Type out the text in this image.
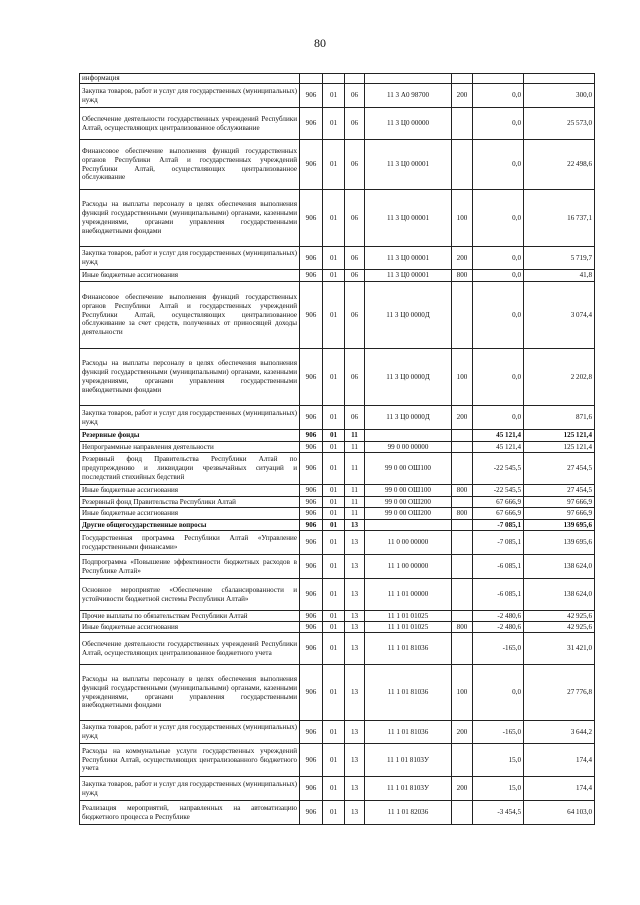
80
информация							
Закупка товаров, работ и услуг для государственных (муниципальных) нужд	906	01	06	11 3 А0 98700	200	0,0	300,0
Обеспечение деятельности государственных учреждений Республики Алтай, осуществляющих централизованное обслуживание	906	01	06	11 3 Ц0 00000		0,0	25 573,0
Финансовое обеспечение выполнения функций государственных органов Республики Алтай и государственных учреждений Республики Алтай, осуществляющих централизованное обслуживание	906	01	06	11 3 Ц0 00001		0,0	22 498,6
Расходы на выплаты персоналу в целях обеспечения выполнения функций государственными (муниципальными) органами, казенными учреждениями, органами управления государственными внебюджетными фондами	906	01	06	11 3 Ц0 00001	100	0,0	16 737,1
Закупка товаров, работ и услуг для государственных (муниципальных) нужд	906	01	06	11 3 Ц0 00001	200	0,0	5 719,7
Иные бюджетные ассигнования	906	01	06	11 3 Ц0 00001	800	0,0	41,8
Финансовое обеспечение выполнения функций государственных органов Республики Алтай и государственных учреждений Республики Алтай, осуществляющих централизованное обслуживание за счет средств, полученных от приносящей доходы деятельности	906	01	06	11 3 Ц0 0000Д		0,0	3 074,4
Расходы на выплаты персоналу в целях обеспечения выполнения функций государственными (муниципальными) органами, казенными учреждениями, органами управления государственными внебюджетными фондами	906	01	06	11 3 Ц0 0000Д	100	0,0	2 202,8
Закупка товаров, работ и услуг для государственных (муниципальных) нужд	906	01	06	11 3 Ц0 0000Д	200	0,0	871,6
Резервные фонды	906	01	11			45 121,4	125 121,4
Непрограммные направления деятельности	906	01	11	99 0 00 00000		45 121,4	125 121,4
Резервный фонд Правительства Республики Алтай по предупреждению и ликвидации чрезвычайных ситуаций и последствий стихийных бедствий	906	01	11	99 0 00 ОШ100		-22 545,5	27 454,5
Иные бюджетные ассигнования	906	01	11	99 0 00 ОШ100	800	-22 545,5	27 454,5
Резервный фонд Правительства Республики Алтай	906	01	11	99 0 00 ОШ200		67 666,9	97 666,9
Иные бюджетные ассигнования	906	01	11	99 0 00 ОШ200	800	67 666,9	97 666,9
Другие общегосударственные вопросы	906	01	13			-7 085,1	139 695,6
Государственная программа Республики Алтай «Управление государственными финансами»	906	01	13	11 0 00 00000		-7 085,1	139 695,6
Подпрограмма «Повышение эффективности бюджетных расходов в Республике Алтай»	906	01	13	11 1 00 00000		-6 085,1	138 624,0
Основное мероприятие «Обеспечение сбалансированности и устойчивости бюджетной системы Республики Алтай»	906	01	13	11 1 01 00000		-6 085,1	138 624,0
Прочие выплаты по обязательствам Республики Алтай	906	01	13	11 1 01 01025		-2 480,6	42 925,6
Иные бюджетные ассигнования	906	01	13	11 1 01 01025	800	-2 480,6	42 925,6
Обеспечение деятельности государственных учреждений Республики Алтай, осуществляющих централизованное бюджетного учета	906	01	13	11 1 01 81036		-165,0	31 421,0
Расходы на выплаты персоналу в целях обеспечения выполнения функций государственными (муниципальными) органами, казенными учреждениями, органами управления государственными внебюджетными фондами	906	01	13	11 1 01 81036	100	0,0	27 776,8
Закупка товаров, работ и услуг для государственных (муниципальных) нужд	906	01	13	11 1 01 81036	200	-165,0	3 644,2
Расходы на коммунальные услуги государственных учреждений Республики Алтай, осуществляющих централизованного бюджетного учета	906	01	13	11 1 01 8103У		15,0	174,4
Закупка товаров, работ и услуг для государственных (муниципальных) нужд	906	01	13	11 1 01 8103У	200	15,0	174,4
Реализация мероприятий, направленных на автоматизацию бюджетного процесса в Республике	906	01	13	11 1 01 82036		-3 454,5	64 103,0
